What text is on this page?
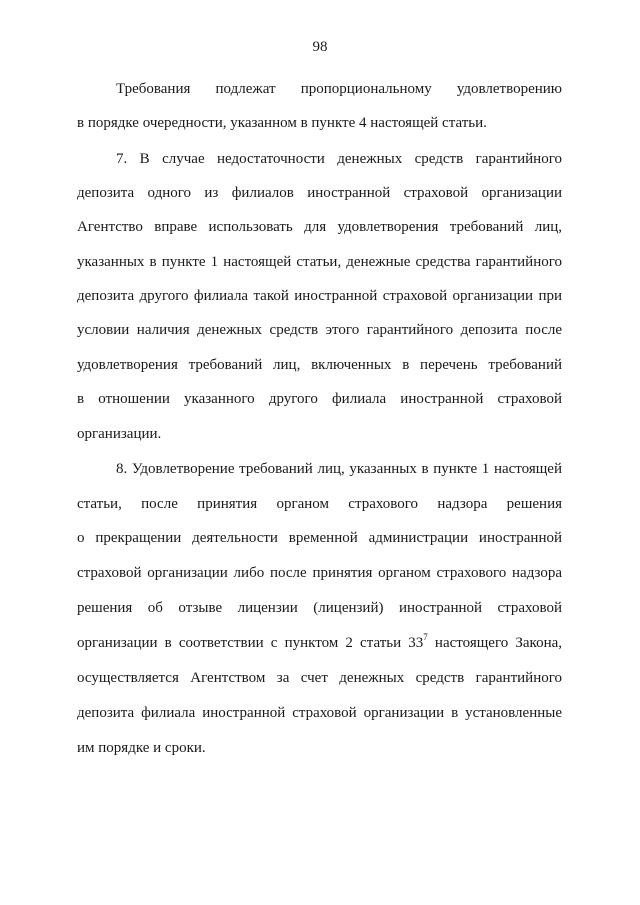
98
Требования подлежат пропорциональному удовлетворению
в порядке очередности, указанном в пункте 4 настоящей статьи.
7. В случае недостаточности денежных средств гарантийного
депозита одного из филиалов иностранной страховой организации
Агентство вправе использовать для удовлетворения требований лиц,
указанных в пункте 1 настоящей статьи, денежные средства гарантийного
депозита другого филиала такой иностранной страховой организации при
условии наличия денежных средств этого гарантийного депозита после
удовлетворения требований лиц, включенных в перечень требований
в отношении указанного другого филиала иностранной страховой
организации.
8. Удовлетворение требований лиц, указанных в пункте 1 настоящей
статьи, после принятия органом страхового надзора решения
о прекращении деятельности временной администрации иностранной
страховой организации либо после принятия органом страхового надзора
решения об отзыве лицензии (лицензий) иностранной страховой
организации в соответствии с пунктом 2 статьи $33^7$ настоящего Закона,
осуществляется Агентством за счет денежных средств гарантийного
депозита филиала иностранной страховой организации в установленные
им порядке и сроки.
